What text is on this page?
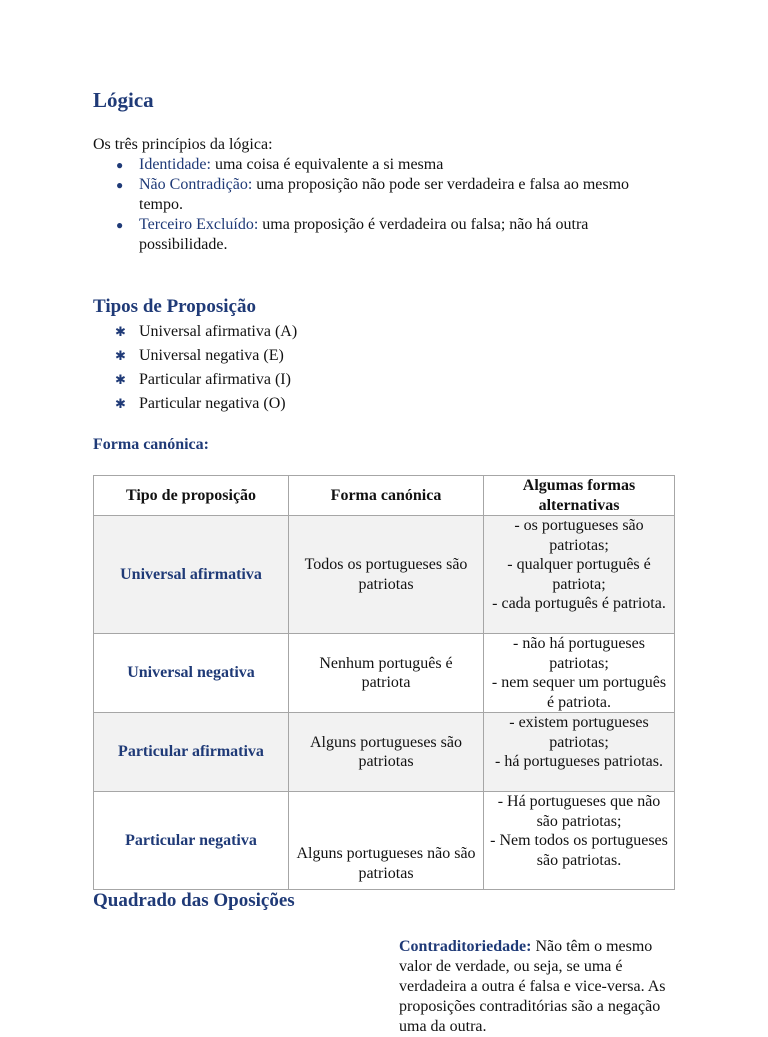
Lógica

Os três princípios da lógica:

● Identidade: uma coisa é equivalente a si mesma
● Não Contradição: uma proposição não pode ser verdadeira e falsa ao mesmo tempo.
● Terceiro Excluído: uma proposição é verdadeira ou falsa; não há outra possibilidade.
Tipos de Proposição
✱ Universal afirmativa (A)
✱ Universal negativa (E)
✱ Particular afirmativa (I)
✱ Particular negativa (O)
Forma canónica:
Tipo de proposição	Forma canónica	Algumas formas alternativas
Universal afirmativa	Todos os portugueses são patriotas	- os portugueses são patriotas;
- qualquer português é patriota;
- cada português é patriota.

Universal negativa	Nenhum português é patriota	- não há portugueses patriotas;
- nem sequer um português é patriota.

Particular afirmativa	Alguns portugueses são patriotas	- existem portugueses patriotas;
- há portugueses patriotas.

Particular negativa	Alguns portugueses não são patriotas	- Há portugueses que não são patriotas;
- Nem todos os portugueses são patriotas.
Quadrado das Oposições

Contraditoriedade: Não têm o mesmo valor de verdade, ou seja, se uma é verdadeira a outra é falsa e vice-versa. As proposições contraditórias são a negação uma da outra.
